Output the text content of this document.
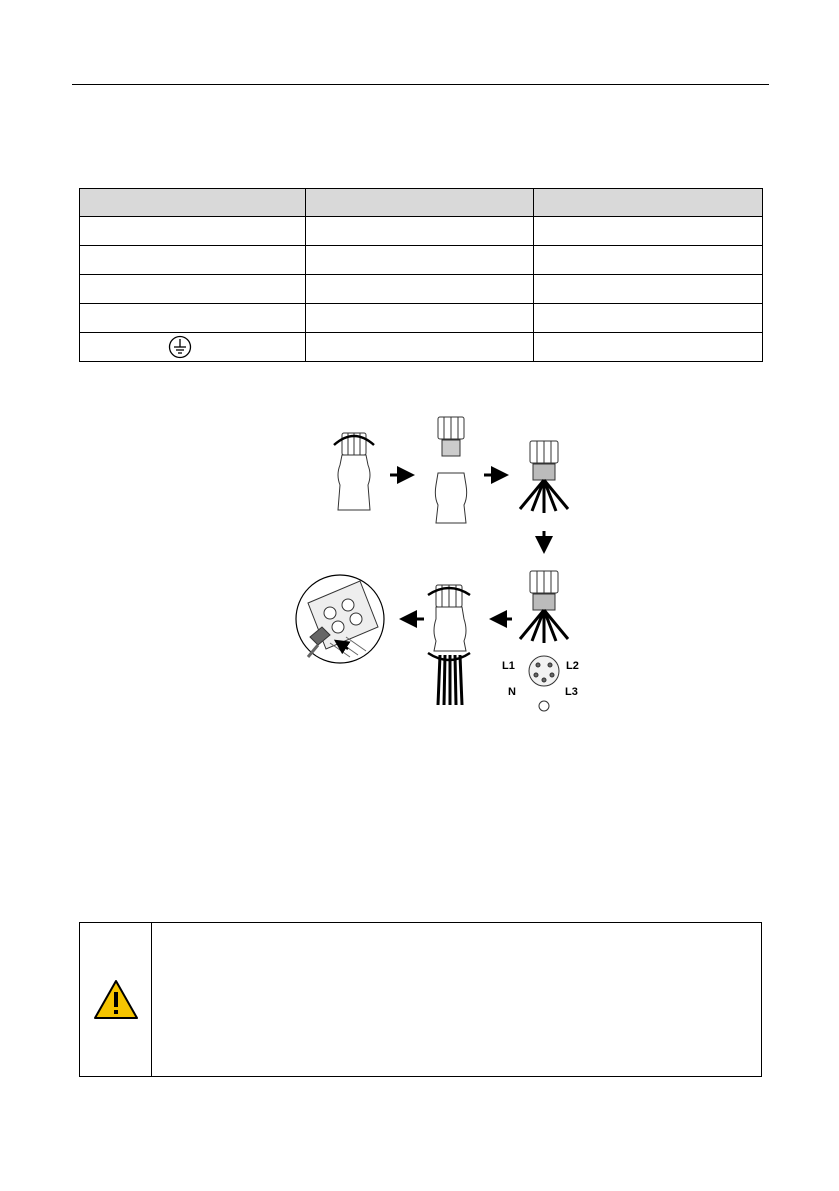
L1	L2
N	L3
